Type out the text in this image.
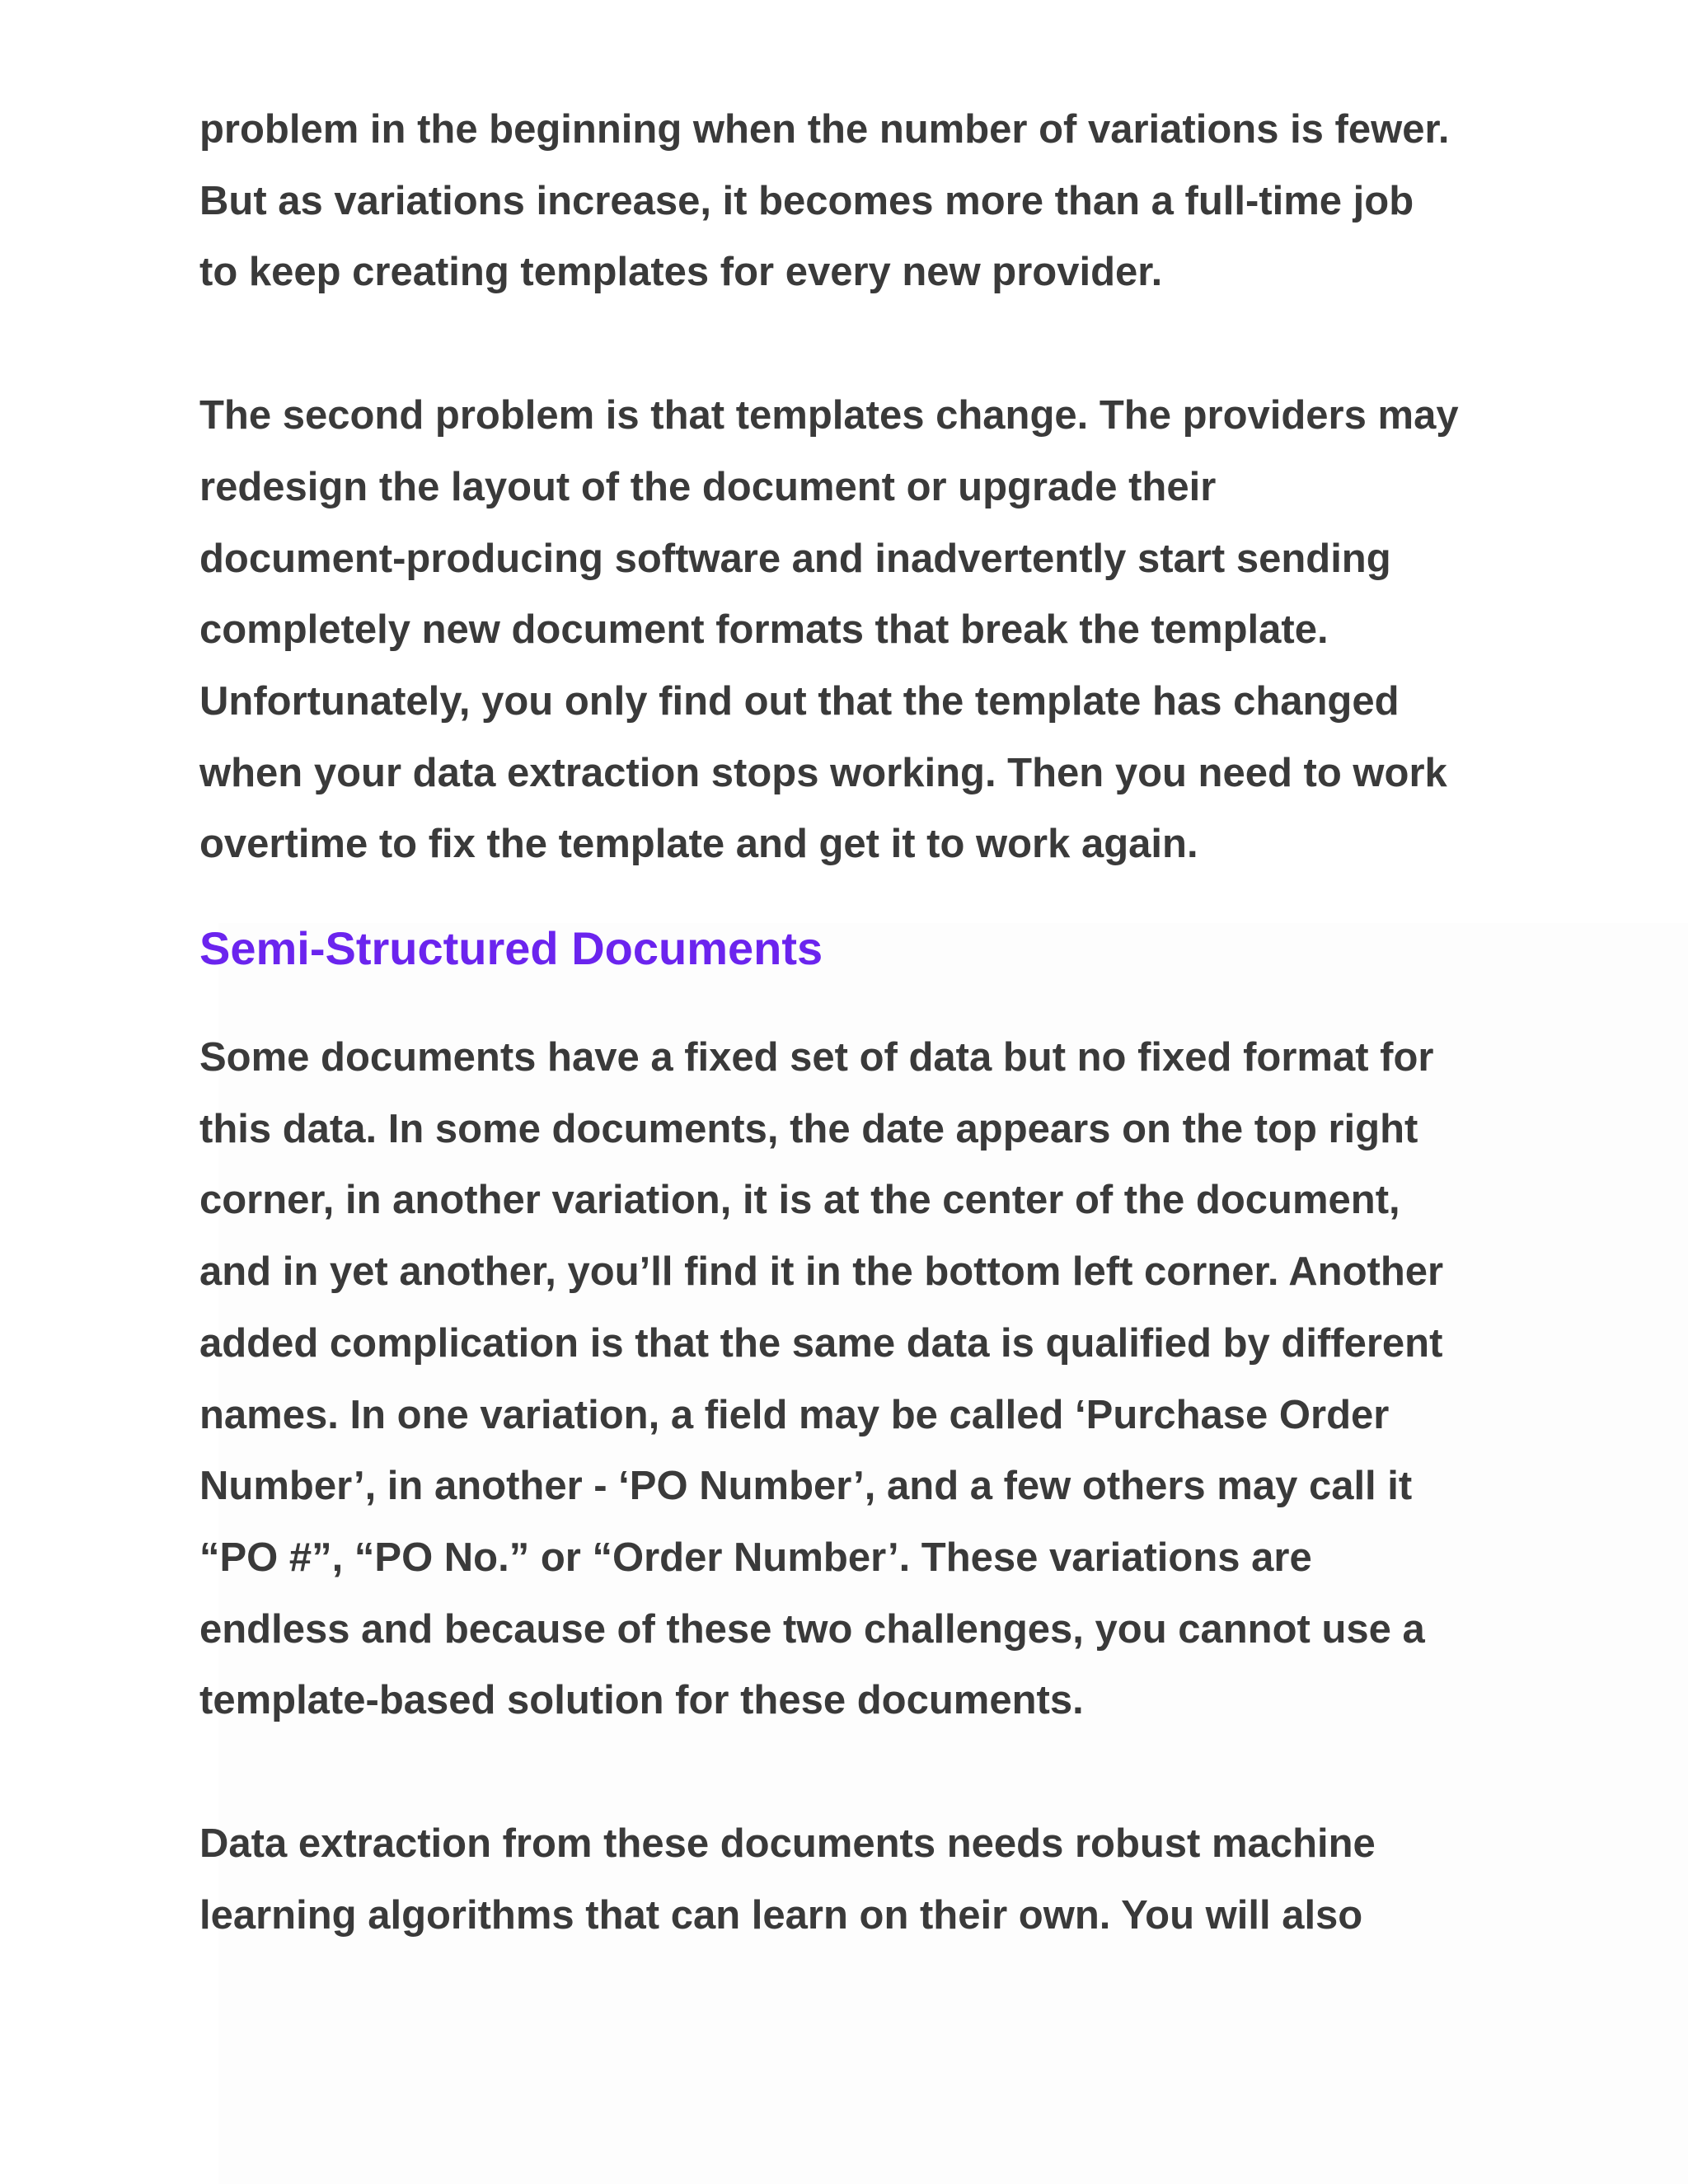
problem in the beginning when the number of variations is fewer.
But as variations increase, it becomes more than a full-time job
to keep creating templates for every new provider.

The second problem is that templates change. The providers may
redesign the layout of the document or upgrade their
document-producing software and inadvertently start sending
completely new document formats that break the template.
Unfortunately, you only find out that the template has changed
when your data extraction stops working. Then you need to work
overtime to fix the template and get it to work again.

Semi-Structured Documents

Some documents have a fixed set of data but no fixed format for
this data. In some documents, the date appears on the top right
corner, in another variation, it is at the center of the document,
and in yet another, you’ll find it in the bottom left corner. Another
added complication is that the same data is qualified by different
names. In one variation, a field may be called ‘Purchase Order
Number’, in another - ‘PO Number’, and a few others may call it
“PO #”, “PO No.” or “Order Number’. These variations are
endless and because of these two challenges, you cannot use a
template-based solution for these documents.

Data extraction from these documents needs robust machine
learning algorithms that can learn on their own. You will also
